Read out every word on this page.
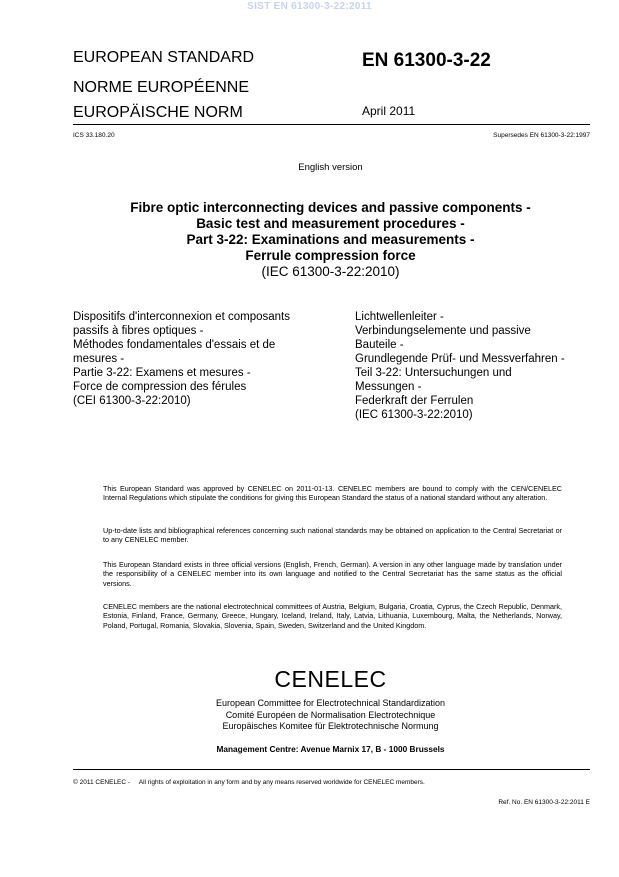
SIST EN 61300-3-22:2011
EUROPEAN STANDARD
NORME EUROPÉENNE
EUROPÄISCHE NORM
EN 61300-3-22
April 2011
ICS 33.180.20	Supersedes EN 61300-3-22:1997
English version
Fibre optic interconnecting devices and passive components -
Basic test and measurement procedures -
Part 3-22: Examinations and measurements -
Ferrule compression force
(IEC 61300-3-22:2010)
Dispositifs d'interconnexion et composants
passifs à fibres optiques -
Méthodes fondamentales d'essais et de
mesures -
Partie 3-22: Examens et mesures -
Force de compression des férules
(CEI 61300-3-22:2010)
Lichtwellenleiter -
Verbindungselemente und passive
Bauteile -
Grundlegende Prüf- und Messverfahren -
Teil 3-22: Untersuchungen und
Messungen -
Federkraft der Ferrulen
(IEC 61300-3-22:2010)
This European Standard was approved by CENELEC on 2011-01-13. CENELEC members are bound to comply with the CEN/CENELEC Internal Regulations which stipulate the conditions for giving this European Standard the status of a national standard without any alteration.
Up-to-date lists and bibliographical references concerning such national standards may be obtained on application to the Central Secretariat or to any CENELEC member.
This European Standard exists in three official versions (English, French, German). A version in any other language made by translation under the responsibility of a CENELEC member into its own language and notified to the Central Secretariat has the same status as the official versions.
CENELEC members are the national electrotechnical committees of Austria, Belgium, Bulgaria, Croatia, Cyprus, the Czech Republic, Denmark, Estonia, Finland, France, Germany, Greece, Hungary, Iceland, Ireland, Italy, Latvia, Lithuania, Luxembourg, Malta, the Netherlands, Norway, Poland, Portugal, Romania, Slovakia, Slovenia, Spain, Sweden, Switzerland and the United Kingdom.
CENELEC
European Committee for Electrotechnical Standardization
Comité Européen de Normalisation Electrotechnique
Europäisches Komitee für Elektrotechnische Normung
Management Centre: Avenue Marnix 17, B - 1000 Brussels
© 2011 CENELEC - All rights of exploitation in any form and by any means reserved worldwide for CENELEC members.
Ref. No. EN 61300-3-22:2011 E
